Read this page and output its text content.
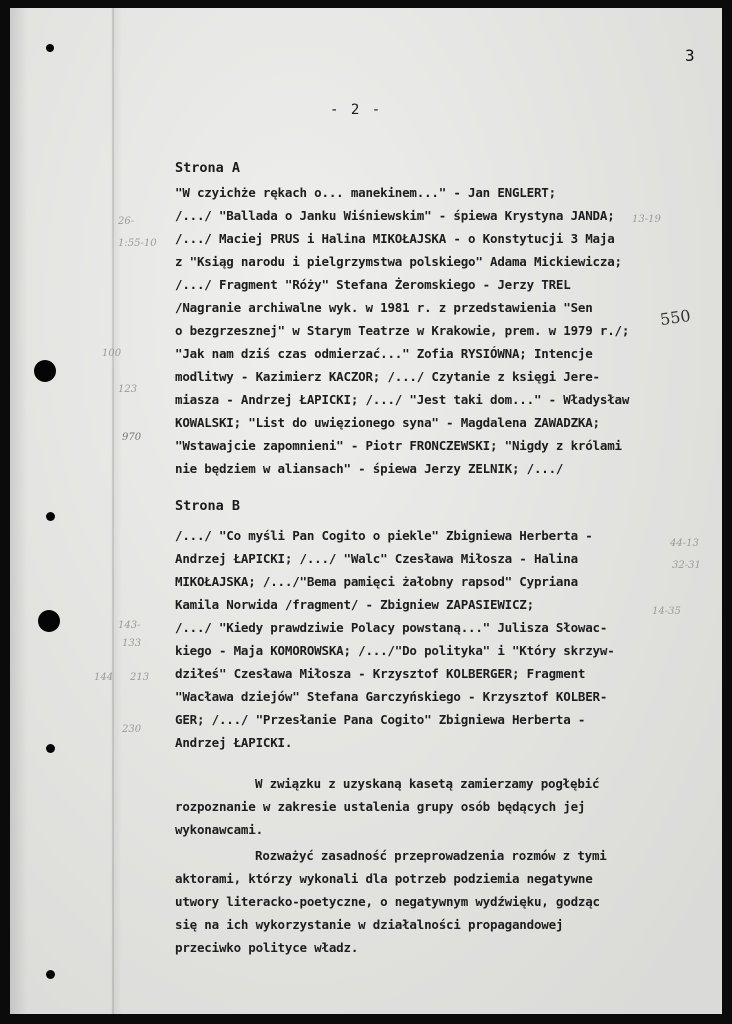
3
- 2 -
Strona A
"W czyichże rękach o... manekinem..." - Jan ENGLERT;
/.../ "Ballada o Janku Wiśniewskim" - śpiewa Krystyna JANDA;
/.../ Maciej PRUS i Halina MIKOŁAJSKA - o Konstytucji 3 Maja
z "Ksiąg narodu i pielgrzymstwa polskiego" Adama Mickiewicza;
/.../ Fragment "Róży" Stefana Żeromskiego - Jerzy TREL
/Nagranie archiwalne wyk. w 1981 r. z przedstawienia "Sen
o bezgrzesznej" w Starym Teatrze w Krakowie, prem. w 1979 r./;
"Jak nam dziś czas odmierzać..." Zofia RYSIÓWNA; Intencje
modlitwy - Kazimierz KACZOR; /.../ Czytanie z księgi Jere-
miasza - Andrzej ŁAPICKI; /.../ "Jest taki dom..." - Władysław
KOWALSKI; "List do uwięzionego syna" - Magdalena ZAWADZKA;
"Wstawajcie zapomnieni" - Piotr FRONCZEWSKI; "Nigdy z królami
nie będziem w aliansach" - śpiewa Jerzy ZELNIK; /.../
Strona B
/.../ "Co myśli Pan Cogito o piekle" Zbigniewa Herberta -
Andrzej ŁAPICKI; /.../ "Walc" Czesława Miłosza - Halina
MIKOŁAJSKA; /.../"Bema pamięci żałobny rapsod" Cypriana
Kamila Norwida /fragment/ - Zbigniew ZAPASIEWICZ;
/.../ "Kiedy prawdziwie Polacy powstaną..." Julisza Słowac-
kiego - Maja KOMOROWSKA; /.../"Do polityka" i "Który skrzyw-
dziłeś" Czesława Miłosza - Krzysztof KOLBERGER; Fragment
"Wacława dziejów" Stefana Garczyńskiego - Krzysztof KOLBER-
GER; /.../ "Przesłanie Pana Cogito" Zbigniewa Herberta -
Andrzej ŁAPICKI.
W związku z uzyskaną kasetą zamierzamy pogłębić
rozpoznanie w zakresie ustalenia grupy osób będących jej
wykonawcami.
Rozważyć zasadność przeprowadzenia rozmów z tymi
aktorami, którzy wykonali dla potrzeb podziemia negatywne
utwory literacko-poetyczne, o negatywnym wydźwięku, godząc
się na ich wykorzystanie w działalności propagandowej
przeciwko polityce władz.
26-
1:55-10
100
123
970
143-
133
144 213
230
13-19
550
44-13
32-31
14-35
